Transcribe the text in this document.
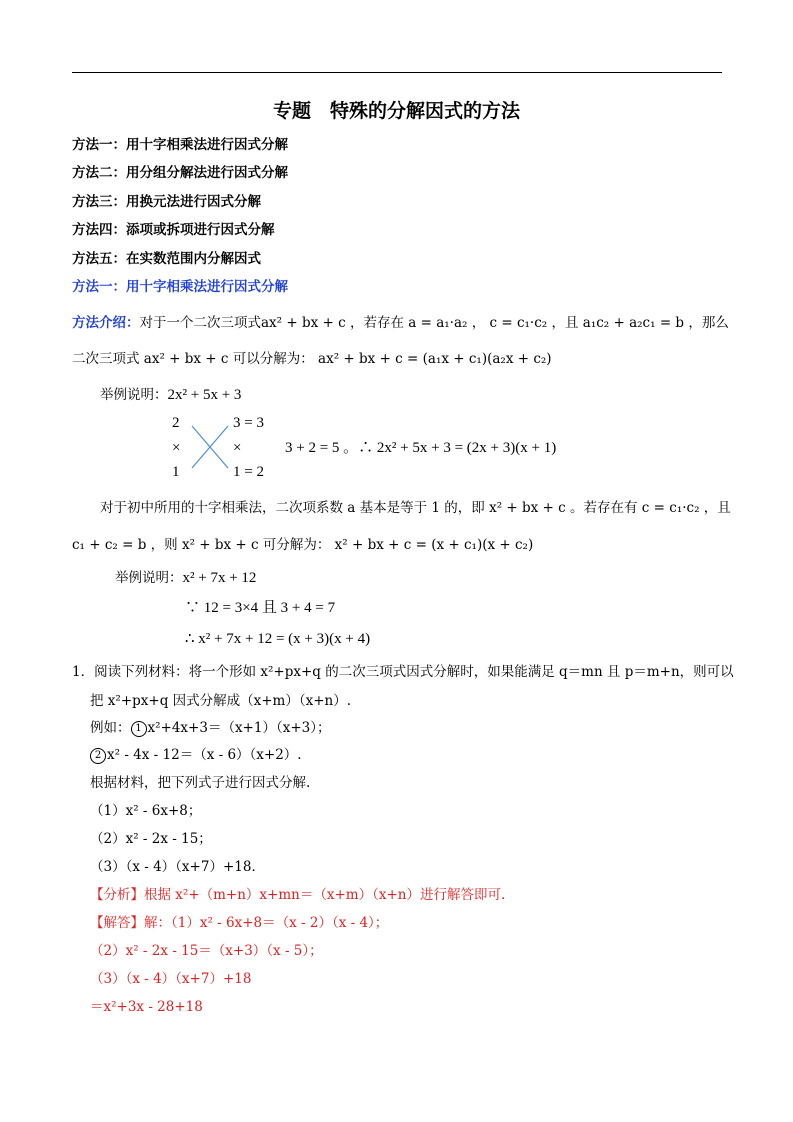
专题　特殊的分解因式的方法
方法一：用十字相乘法进行因式分解
方法二：用分组分解法进行因式分解
方法三：用换元法进行因式分解
方法四：添项或拆项进行因式分解
方法五：在实数范围内分解因式
方法一：用十字相乘法进行因式分解
方法介绍：对于一个二次三项式ax² + bx + c ，若存在 a = a₁·a₂ ， c = c₁·c₂ ，且 a₁c₂ + a₂c₁ = b ，那么
二次三项式 ax² + bx + c 可以分解为： ax² + bx + c = (a₁x + c₁)(a₂x + c₂)
举例说明：2x² + 5x + 3
2	3 = 3
×	×
1	1 = 2
3 + 2 = 5 。∴ 2x² + 5x + 3 = (2x + 3)(x + 1)
对于初中所用的十字相乘法，二次项系数 a 基本是等于 1 的，即 x² + bx + c 。若存在有 c = c₁·c₂ ，且
c₁ + c₂ = b ，则 x² + bx + c 可分解为： x² + bx + c = (x + c₁)(x + c₂)
举例说明：x² + 7x + 12
∵ 12 = 3×4 且 3 + 4 = 7
∴ x² + 7x + 12 = (x + 3)(x + 4)
1．阅读下列材料：将一个形如 x²+px+q 的二次三项式因式分解时，如果能满足 q＝mn 且 p＝m+n，则可以
把 x²+px+q 因式分解成（x+m）（x+n）.
例如： 1 x²+4x+3＝（x+1）（x+3）；
2 x² - 4x - 12＝（x - 6）（x+2）.
根据材料，把下列式子进行因式分解.
（1）x² - 6x+8；
（2）x² - 2x - 15；
（3）（x - 4）（x+7）+18．
【分析】根据 x²+（m+n）x+mn＝（x+m）（x+n）进行解答即可.
【解答】解：（1）x² - 6x+8＝（x - 2）（x - 4）；
（2）x² - 2x - 15＝（x+3）（x - 5）；
（3）（x - 4）（x+7）+18
＝x²+3x - 28+18
